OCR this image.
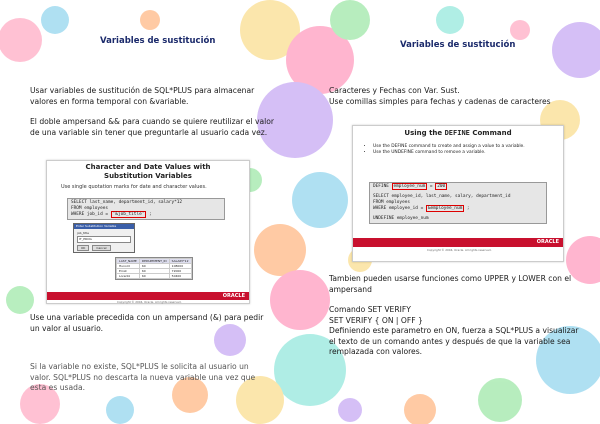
Variables de sustitución
Usar variables de sustitución de SQL*PLUS para almacenar valores en forma temporal con &variable.
El doble ampersand && para cuando se quiere reutilizar el valor de una variable sin tener que preguntarle al usuario cada vez.
Character and Date Values with
Substitution Variables
Use single quotation marks for date and character values.
SELECT last_name, department_id, salary*12
FROM employees
WHERE job_id = '&job_title' ;
Enter Substitution Variable
job_title
IT_PROG
OK	Cancel
LAST_NAME	DEPARTMENT_ID	SALARY*12
Hunold	60	108000
Ernst	60	72000
Lorentz	60	50400
ORACLE
Copyright © 2004, Oracle. All rights reserved.
Use una variable precedida con un ampersand (&) para pedir un valor al usuario.
Si la variable no existe, SQL*PLUS le solicita al usuario un valor. SQL*PLUS no descarta la nueva variable una vez que esta es usada.
Variables de sustitución
Caracteres y Fechas con Var. Sust.
Use comillas simples para fechas y cadenas de caracteres
Using the DEFINE Command
• Use the DEFINE command to create and assign a value to a variable.
• Use the UNDEFINE command to remove a variable.
DEFINE employee_num = 200
SELECT employee_id, last_name, salary, department_id
FROM employees
WHERE employee_id = &employee_num ;
UNDEFINE employee_num
ORACLE
Copyright © 2004, Oracle. All rights reserved.
Tambien pueden usarse funciones como UPPER y LOWER con el ampersand
Comando SET VERIFY
SET VERIFY { ON | OFF }
Definiendo este parametro en ON, fuerza a SQL*PLUS a visualizar el texto de un comando antes y después de que la variable sea remplazada con valores.
